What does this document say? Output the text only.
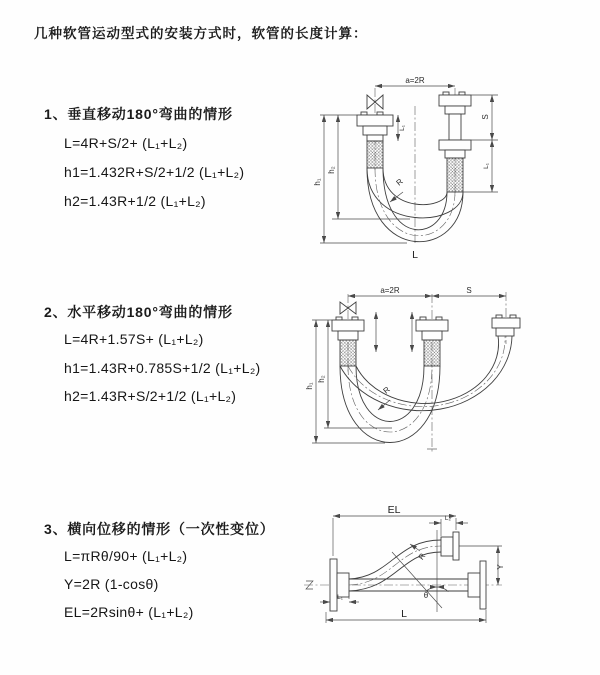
几种软管运动型式的安装方式时，软管的长度计算：
1、垂直移动180°弯曲的情形
L=4R+S/2+ (L₁+L₂)
h1=1.432R+S/2+1/2 (L₁+L₂)
h2=1.43R+1/2 (L₁+L₂)
2、水平移动180°弯曲的情形
L=4R+1.57S+ (L₁+L₂)
h1=1.43R+0.785S+1/2 (L₁+L₂)
h2=1.43R+S/2+1/2 (L₁+L₂)
3、横向位移的情形（一次性变位）
L=πRθ/90+ (L₁+L₂)
Y=2R (1-cosθ)
EL=2Rsinθ+ (L₁+L₂)
a=2R
R
h₁
h₂
L₁
S
L₁
L
a=2R	S
h₁
h₂
R
θ
R
EL
L₂
Y
L
L₁
